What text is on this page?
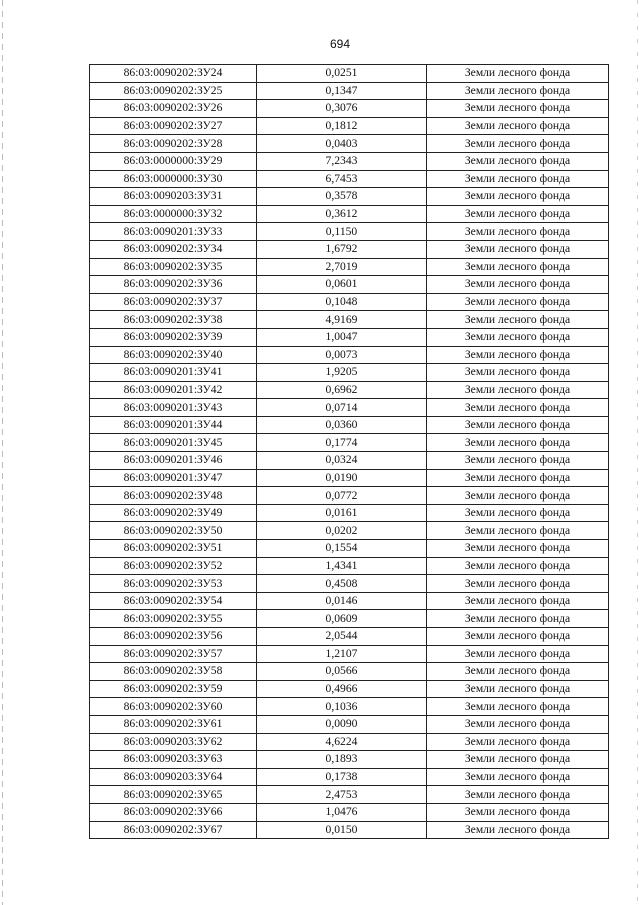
694
86:03:0090202:ЗУ24	0,0251	Земли лесного фонда
86:03:0090202:ЗУ25	0,1347	Земли лесного фонда
86:03:0090202:ЗУ26	0,3076	Земли лесного фонда
86:03:0090202:ЗУ27	0,1812	Земли лесного фонда
86:03:0090202:ЗУ28	0,0403	Земли лесного фонда
86:03:0000000:ЗУ29	7,2343	Земли лесного фонда
86:03:0000000:ЗУ30	6,7453	Земли лесного фонда
86:03:0090203:ЗУ31	0,3578	Земли лесного фонда
86:03:0000000:ЗУ32	0,3612	Земли лесного фонда
86:03:0090201:ЗУ33	0,1150	Земли лесного фонда
86:03:0090202:ЗУ34	1,6792	Земли лесного фонда
86:03:0090202:ЗУ35	2,7019	Земли лесного фонда
86:03:0090202:ЗУ36	0,0601	Земли лесного фонда
86:03:0090202:ЗУ37	0,1048	Земли лесного фонда
86:03:0090202:ЗУ38	4,9169	Земли лесного фонда
86:03:0090202:ЗУ39	1,0047	Земли лесного фонда
86:03:0090202:ЗУ40	0,0073	Земли лесного фонда
86:03:0090201:ЗУ41	1,9205	Земли лесного фонда
86:03:0090201:ЗУ42	0,6962	Земли лесного фонда
86:03:0090201:ЗУ43	0,0714	Земли лесного фонда
86:03:0090201:ЗУ44	0,0360	Земли лесного фонда
86:03:0090201:ЗУ45	0,1774	Земли лесного фонда
86:03:0090201:ЗУ46	0,0324	Земли лесного фонда
86:03:0090201:ЗУ47	0,0190	Земли лесного фонда
86:03:0090202:ЗУ48	0,0772	Земли лесного фонда
86:03:0090202:ЗУ49	0,0161	Земли лесного фонда
86:03:0090202:ЗУ50	0,0202	Земли лесного фонда
86:03:0090202:ЗУ51	0,1554	Земли лесного фонда
86:03:0090202:ЗУ52	1,4341	Земли лесного фонда
86:03:0090202:ЗУ53	0,4508	Земли лесного фонда
86:03:0090202:ЗУ54	0,0146	Земли лесного фонда
86:03:0090202:ЗУ55	0,0609	Земли лесного фонда
86:03:0090202:ЗУ56	2,0544	Земли лесного фонда
86:03:0090202:ЗУ57	1,2107	Земли лесного фонда
86:03:0090202:ЗУ58	0,0566	Земли лесного фонда
86:03:0090202:ЗУ59	0,4966	Земли лесного фонда
86:03:0090202:ЗУ60	0,1036	Земли лесного фонда
86:03:0090202:ЗУ61	0,0090	Земли лесного фонда
86:03:0090203:ЗУ62	4,6224	Земли лесного фонда
86:03:0090203:ЗУ63	0,1893	Земли лесного фонда
86:03:0090203:ЗУ64	0,1738	Земли лесного фонда
86:03:0090202:ЗУ65	2,4753	Земли лесного фонда
86:03:0090202:ЗУ66	1,0476	Земли лесного фонда
86:03:0090202:ЗУ67	0,0150	Земли лесного фонда
